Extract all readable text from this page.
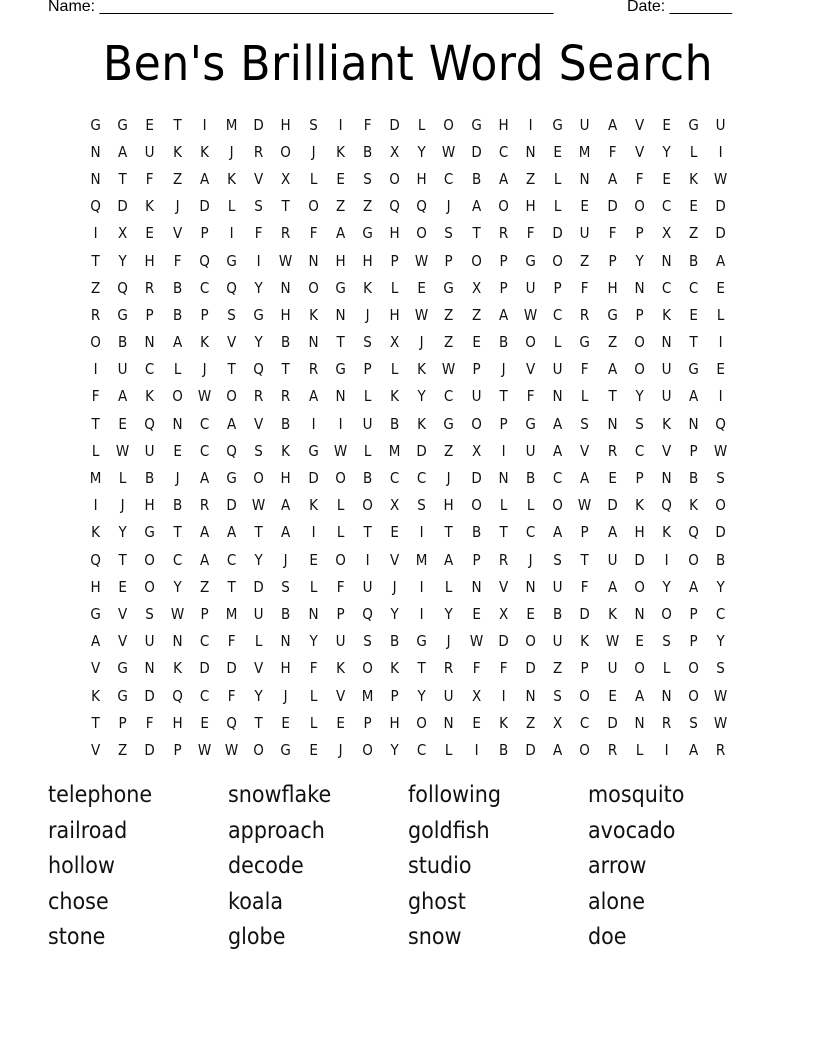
Name: ___________________________________________________	Date: _______
Ben's Brilliant Word Search
G	G	E	T	I	M	D	H	S	I	F	D	L	O	G	H	I	G	U	A	V	E	G	U
N	A	U	K	K	J	R	O	J	K	B	X	Y	W	D	C	N	E	M	F	V	Y	L	I
N	T	F	Z	A	K	V	X	L	E	S	O	H	C	B	A	Z	L	N	A	F	E	K	W
Q	D	K	J	D	L	S	T	O	Z	Z	Q	Q	J	A	O	H	L	E	D	O	C	E	D
I	X	E	V	P	I	F	R	F	A	G	H	O	S	T	R	F	D	U	F	P	X	Z	D
T	Y	H	F	Q	G	I	W	N	H	H	P	W	P	O	P	G	O	Z	P	Y	N	B	A
Z	Q	R	B	C	Q	Y	N	O	G	K	L	E	G	X	P	U	P	F	H	N	C	C	E
R	G	P	B	P	S	G	H	K	N	J	H	W	Z	Z	A	W	C	R	G	P	K	E	L
O	B	N	A	K	V	Y	B	N	T	S	X	J	Z	E	B	O	L	G	Z	O	N	T	I
I	U	C	L	J	T	Q	T	R	G	P	L	K	W	P	J	V	U	F	A	O	U	G	E
F	A	K	O	W	O	R	R	A	N	L	K	Y	C	U	T	F	N	L	T	Y	U	A	I
T	E	Q	N	C	A	V	B	I	I	U	B	K	G	O	P	G	A	S	N	S	K	N	Q
L	W	U	E	C	Q	S	K	G	W	L	M	D	Z	X	I	U	A	V	R	C	V	P	W
M	L	B	J	A	G	O	H	D	O	B	C	C	J	D	N	B	C	A	E	P	N	B	S
I	J	H	B	R	D	W	A	K	L	O	X	S	H	O	L	L	O	W	D	K	Q	K	O
K	Y	G	T	A	A	T	A	I	L	T	E	I	T	B	T	C	A	P	A	H	K	Q	D
Q	T	O	C	A	C	Y	J	E	O	I	V	M	A	P	R	J	S	T	U	D	I	O	B
H	E	O	Y	Z	T	D	S	L	F	U	J	I	L	N	V	N	U	F	A	O	Y	A	Y
G	V	S	W	P	M	U	B	N	P	Q	Y	I	Y	E	X	E	B	D	K	N	O	P	C
A	V	U	N	C	F	L	N	Y	U	S	B	G	J	W	D	O	U	K	W	E	S	P	Y
V	G	N	K	D	D	V	H	F	K	O	K	T	R	F	F	D	Z	P	U	O	L	O	S
K	G	D	Q	C	F	Y	J	L	V	M	P	Y	U	X	I	N	S	O	E	A	N	O	W
T	P	F	H	E	Q	T	E	L	E	P	H	O	N	E	K	Z	X	C	D	N	R	S	W
V	Z	D	P	W W	O	G	E	J	O	Y	C	L	I	B	D	A	O	R	L	I	A	R
telephone	snowflake	following	mosquito
railroad	approach	goldfish	avocado
hollow	decode	studio	arrow
chose	koala	ghost	alone
stone	globe	snow	doe
